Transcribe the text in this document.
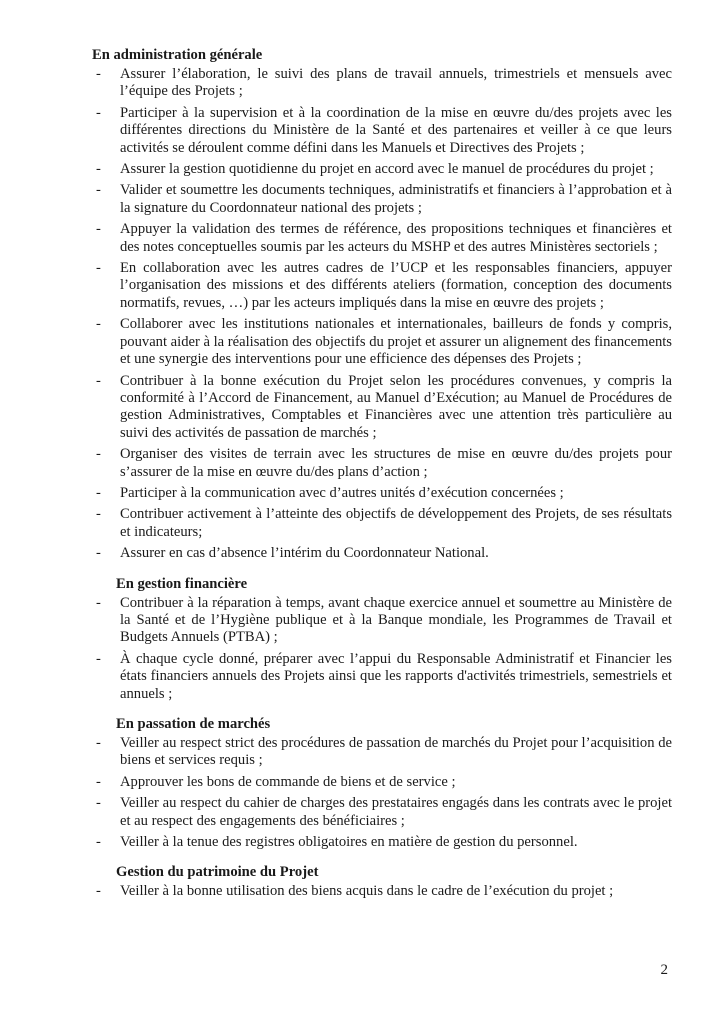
En administration générale
- Assurer l’élaboration, le suivi des plans de travail annuels, trimestriels et mensuels avec l’équipe des Projets ;
- Participer à la supervision et à la coordination de la mise en œuvre du/des projets avec les différentes directions du Ministère de la Santé et des partenaires et veiller à ce que leurs activités se déroulent comme défini dans les Manuels et Directives des Projets ;
- Assurer la gestion quotidienne du projet en accord avec le manuel de procédures du projet ;
- Valider et soumettre les documents techniques, administratifs et financiers à l’approbation et à la signature du Coordonnateur national des projets ;
- Appuyer la validation des termes de référence, des propositions techniques et financières et des notes conceptuelles soumis par les acteurs du MSHP et des autres Ministères sectoriels ;
- En collaboration avec les autres cadres de l’UCP et les responsables financiers, appuyer l’organisation des missions et des différents ateliers (formation, conception des documents normatifs, revues, …) par les acteurs impliqués dans la mise en œuvre des projets ;
- Collaborer avec les institutions nationales et internationales, bailleurs de fonds y compris, pouvant aider à la réalisation des objectifs du projet et assurer un alignement des financements et une synergie des interventions pour une efficience des dépenses des Projets ;
- Contribuer à la bonne exécution du Projet selon les procédures convenues, y compris la conformité à l’Accord de Financement, au Manuel d’Exécution; au Manuel de Procédures de gestion Administratives, Comptables et Financières avec une attention très particulière au suivi des activités de passation de marchés ;
- Organiser des visites de terrain avec les structures de mise en œuvre du/des projets pour s’assurer de la mise en œuvre du/des plans d’action ;
- Participer à la communication avec d’autres unités d’exécution concernées ;
- Contribuer activement à l’atteinte des objectifs de développement des Projets, de ses résultats et indicateurs;
- Assurer en cas d’absence l’intérim du Coordonnateur National.
En gestion financière
- Contribuer à la réparation à temps, avant chaque exercice annuel et soumettre au Ministère de la Santé et de l’Hygiène publique et à la Banque mondiale, les Programmes de Travail et Budgets Annuels (PTBA) ;
- À chaque cycle donné, préparer avec l’appui du Responsable Administratif et Financier les états financiers annuels des Projets ainsi que les rapports d'activités trimestriels, semestriels et annuels ;
En passation de marchés
- Veiller au respect strict des procédures de passation de marchés du Projet pour l’acquisition de biens et services requis ;
- Approuver les bons de commande de biens et de service ;
- Veiller au respect du cahier de charges des prestataires engagés dans les contrats avec le projet et au respect des engagements des bénéficiaires ;
- Veiller à la tenue des registres obligatoires en matière de gestion du personnel.
Gestion du patrimoine du Projet
- Veiller à la bonne utilisation des biens acquis dans le cadre de l’exécution du projet ;
2
